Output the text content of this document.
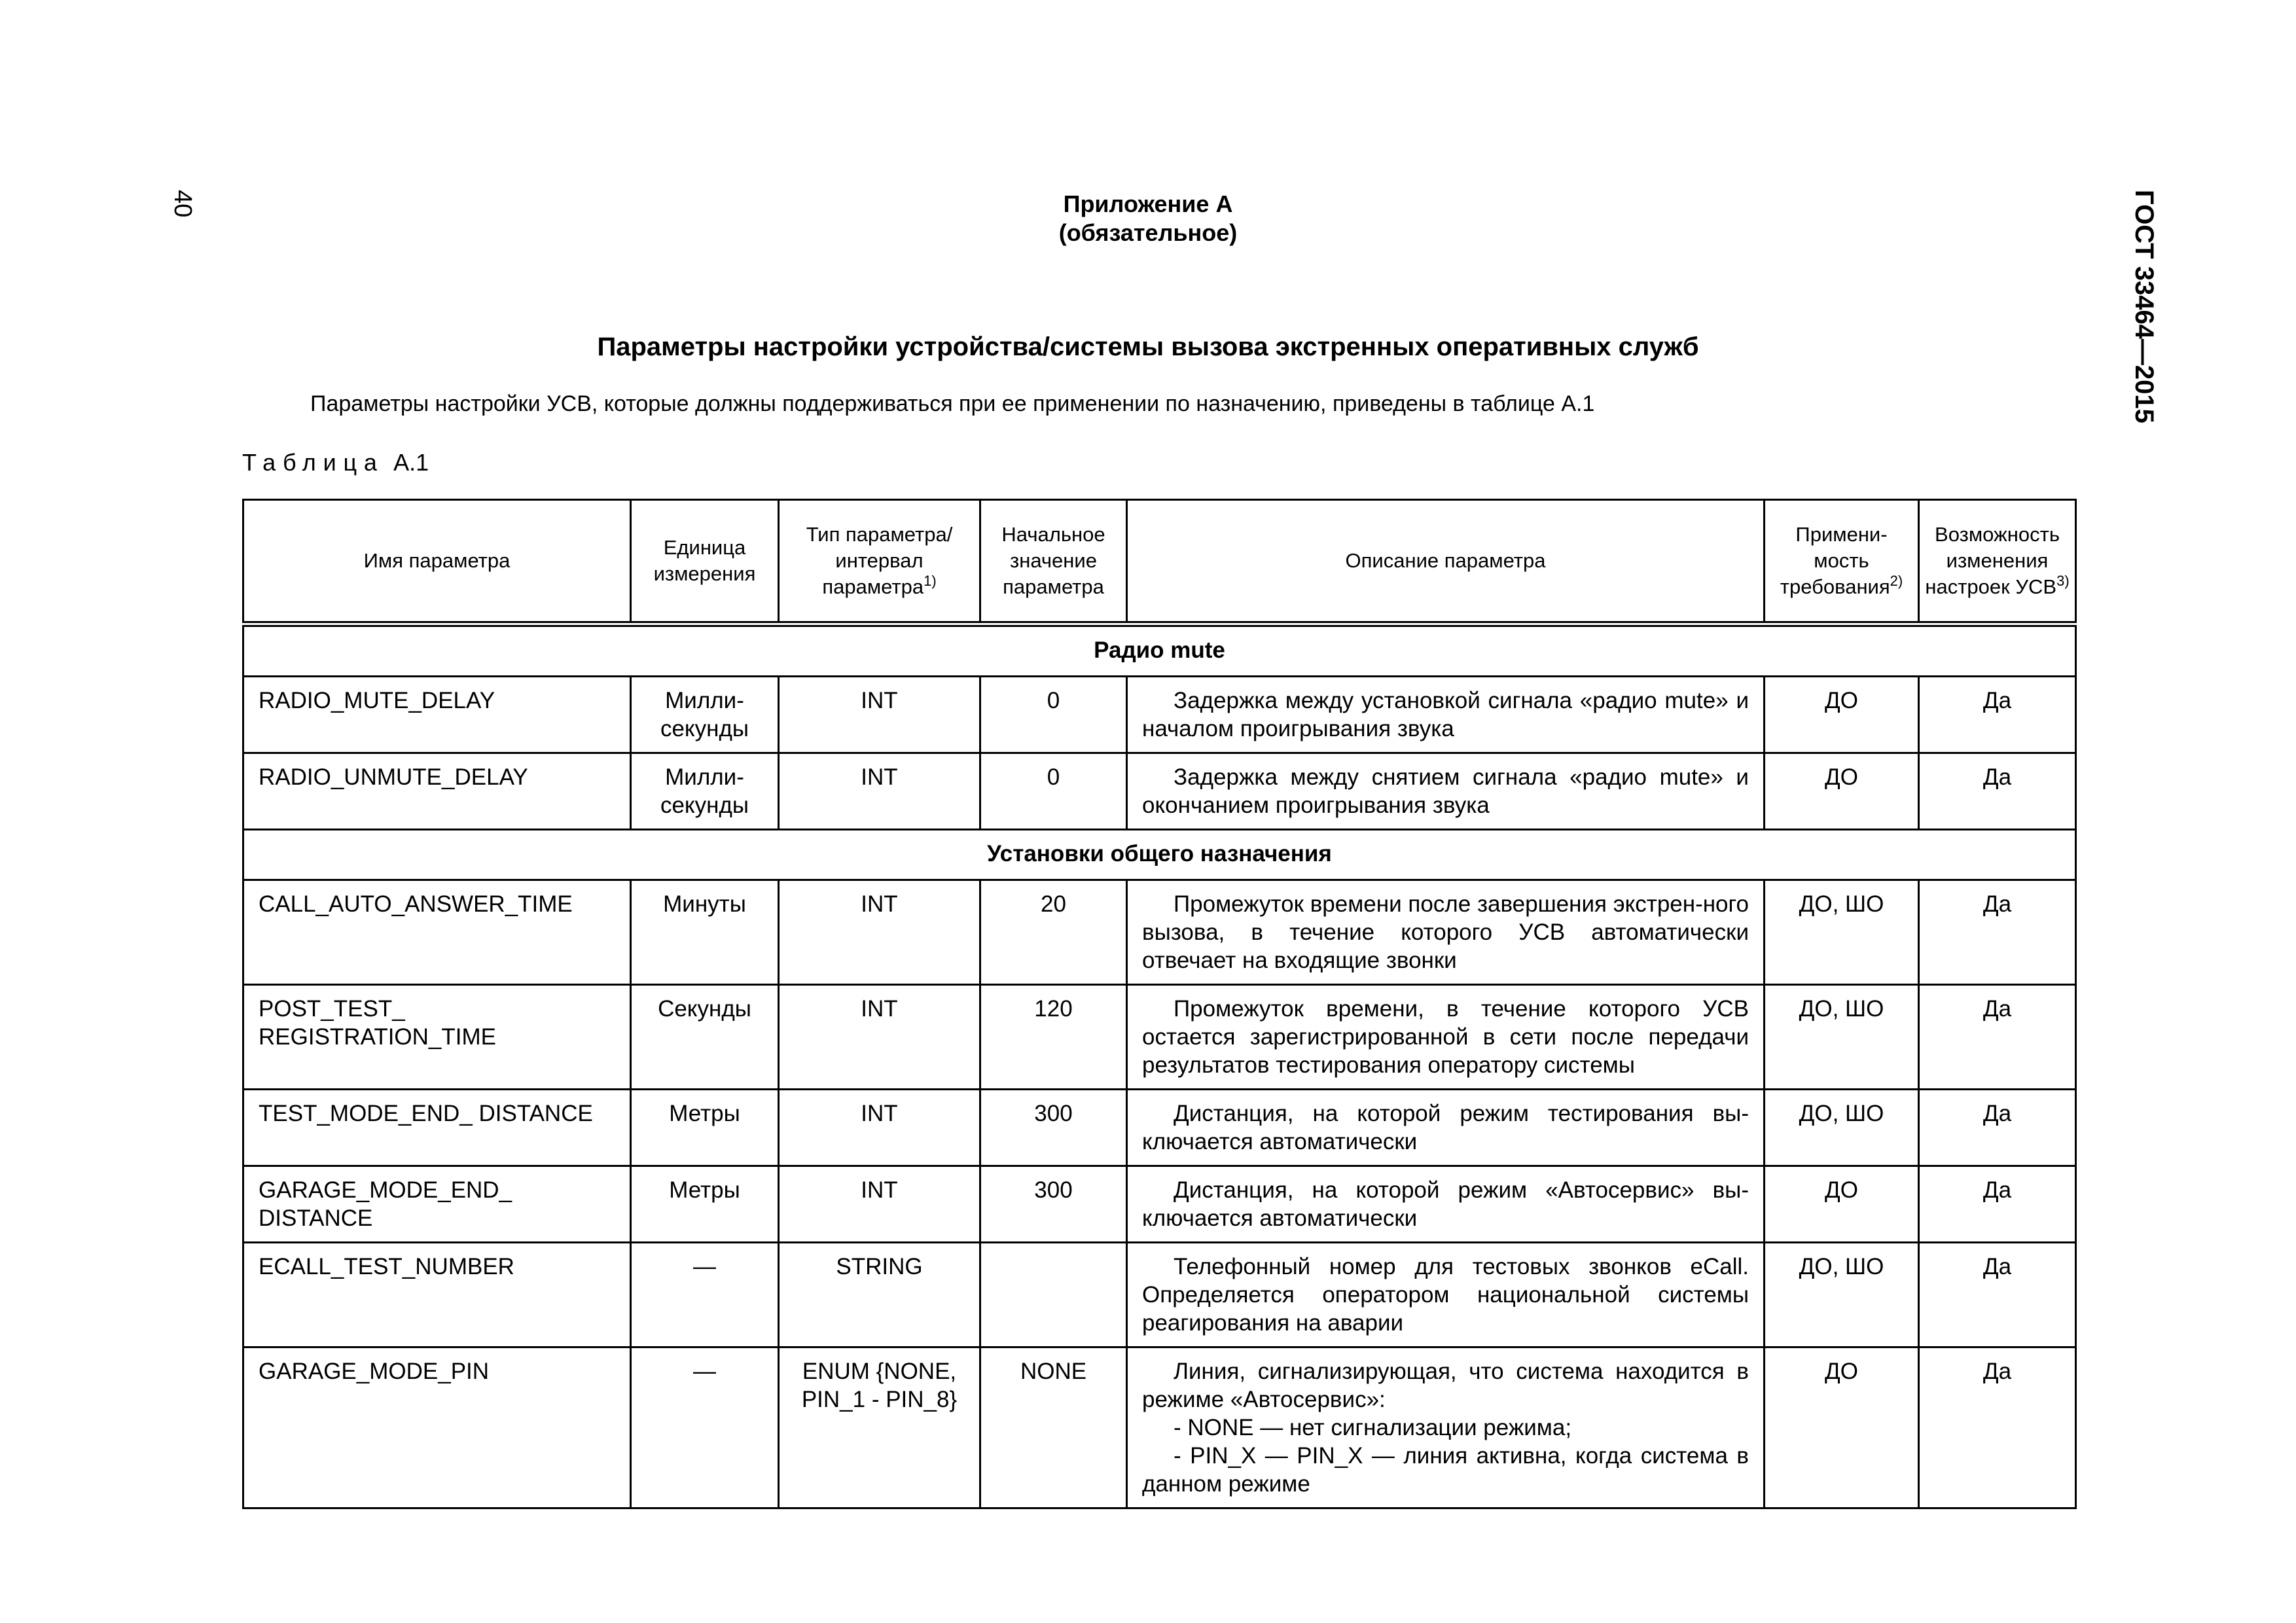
40	ГОСТ 33464—2015
Приложение А
(обязательное)
Параметры настройки устройства/системы вызова экстренных оперативных служб
Параметры настройки УСВ, которые должны поддерживаться при ее применении по назначению, приведены в таблице А.1
Таблица А.1
Имя параметра	Единица измерения	Тип параметра/ интервал параметра$^{1)}$	Начальное значение параметра	Описание параметра	Примени- мость требования$^{2)}$	Возможность изменения настроек УСВ$^{3)}$
Радио mute						
RADIO_MUTE_DELAY	Милли- секунды	INT	0	Задержка между установкой сигнала «радио mute» и началом проигрывания звука	ДО	Да
RADIO_UNMUTE_DELAY	Милли- секунды	INT	0	Задержка между снятием сигнала «радио mute» и окончанием проигрывания звука	ДО	Да
Установки общего назначения						
CALL_AUTO_ANSWER_TIME	Минуты	INT	20	Промежуток времени после завершения экстрен-ного вызова, в течение которого УСВ автоматически отвечает на входящие звонки	ДО, ШО	Да
POST_TEST_ REGISTRATION_TIME	Секунды	INT	120	Промежуток времени, в течение которого УСВ остается зарегистрированной в сети после передачи результатов тестирования оператору системы	ДО, ШО	Да
TEST_MODE_END_ DISTANCE	Метры	INT	300	Дистанция, на которой режим тестирования вы-ключается автоматически	ДО, ШО	Да
GARAGE_MODE_END_ DISTANCE	Метры	INT	300	Дистанция, на которой режим «Автосервис» вы-ключается автоматически	ДО	Да
ECALL_TEST_NUMBER	—	STRING		Телефонный номер для тестовых звонков eCall. Определяется оператором национальной системы реагирования на аварии	ДО, ШО	Да
GARAGE_MODE_PIN	—	ENUM {NONE, PIN_1 - PIN_8}	NONE	Линия, сигнализирующая, что система находится в режиме «Автосервис»:
- NONE — нет сигнализации режима;
- PIN_X — PIN_X — линия активна, когда система в данном режиме	ДО	Да
